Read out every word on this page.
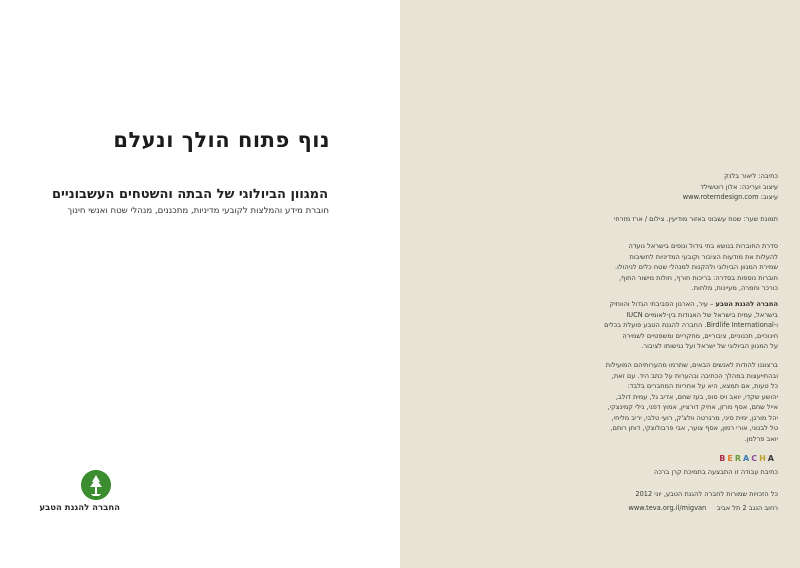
נוף פתוח הולך ונעלם
המגוון הביולוגי של הבתה והשטחים העשבוניים
חוברת מידע והמלצות לקובעי מדיניות, מתכננים, מנהלי שטח ואנשי חינוך
החברה להגנת הטבע
כתיבה: ליאור בלנק
עיצוב ועריכה: אלון רוטשילד
עיצוב: www.roterndesign.com
תמונת שער: שטח עשבוני באזור מודיעין. צילום / ארז מזרחי
סדרת החוברות בנושא בתי גידול ונופים בישראל נועדה
להעלות את מודעות הציבור וקובעי המדיניות לחשיבות
שמירת המגוון הביולוגי ולהקנות למנהלי שטח כלים לניהולו.
חוברות נוספות בסדרה: בריכות חורף, חולות מישור החוף,
כורכר וחמרה, מעיינות, מלחות.
החברה להגנת הטבע – עיר, הארגון הסביבתי הגדול והוותיק
בישראל, עמית בישראל של האגודות בין-לאומיים IUCN
ו-Birdlife International. החברה להגנת הטבע פועלת בכלים
חינוכיים, תכנוניים, ציבוריים, מחקריים ומשפטיים לשמירה
על המגוון הביולוגי של ישראל ועל נגישותו לציבור.
ברצוננו להודות לאנשים הבאים, שתרמו מהערותיהם המועילות
ובהתייעצות במהלך הכתיבה ובהערות על כתב היד. עם זאת,
כל טעות, אם תמצא, היא על אחריות המחברים בלבד:
יהושע שקדי, יואב ויס סופ, בעז שחם, אדיב גל, עמית דולב,
אייל שחם, אסף מרזן, אחיק דורציין, אמוץ דפני, גילי קמינצקי,
יהל מורגן, ימית סיני, מרגרטה וולצ'ק, רועי טלבי, יריב מליחי,
טל לבנוני, אורי רמון, אסף צוער, אבי פרבולוצקי, דותן רותם,
יואב פרלמן.
BERACHA
כתיבת עבודה זו התבצעה בתמיכת קרן ברכה
כל הזכויות שמורות לחברה להגנת הטבע, יוני 2012
רחוב הנגב 2 תל אביב     www.teva.org.il/migvan
